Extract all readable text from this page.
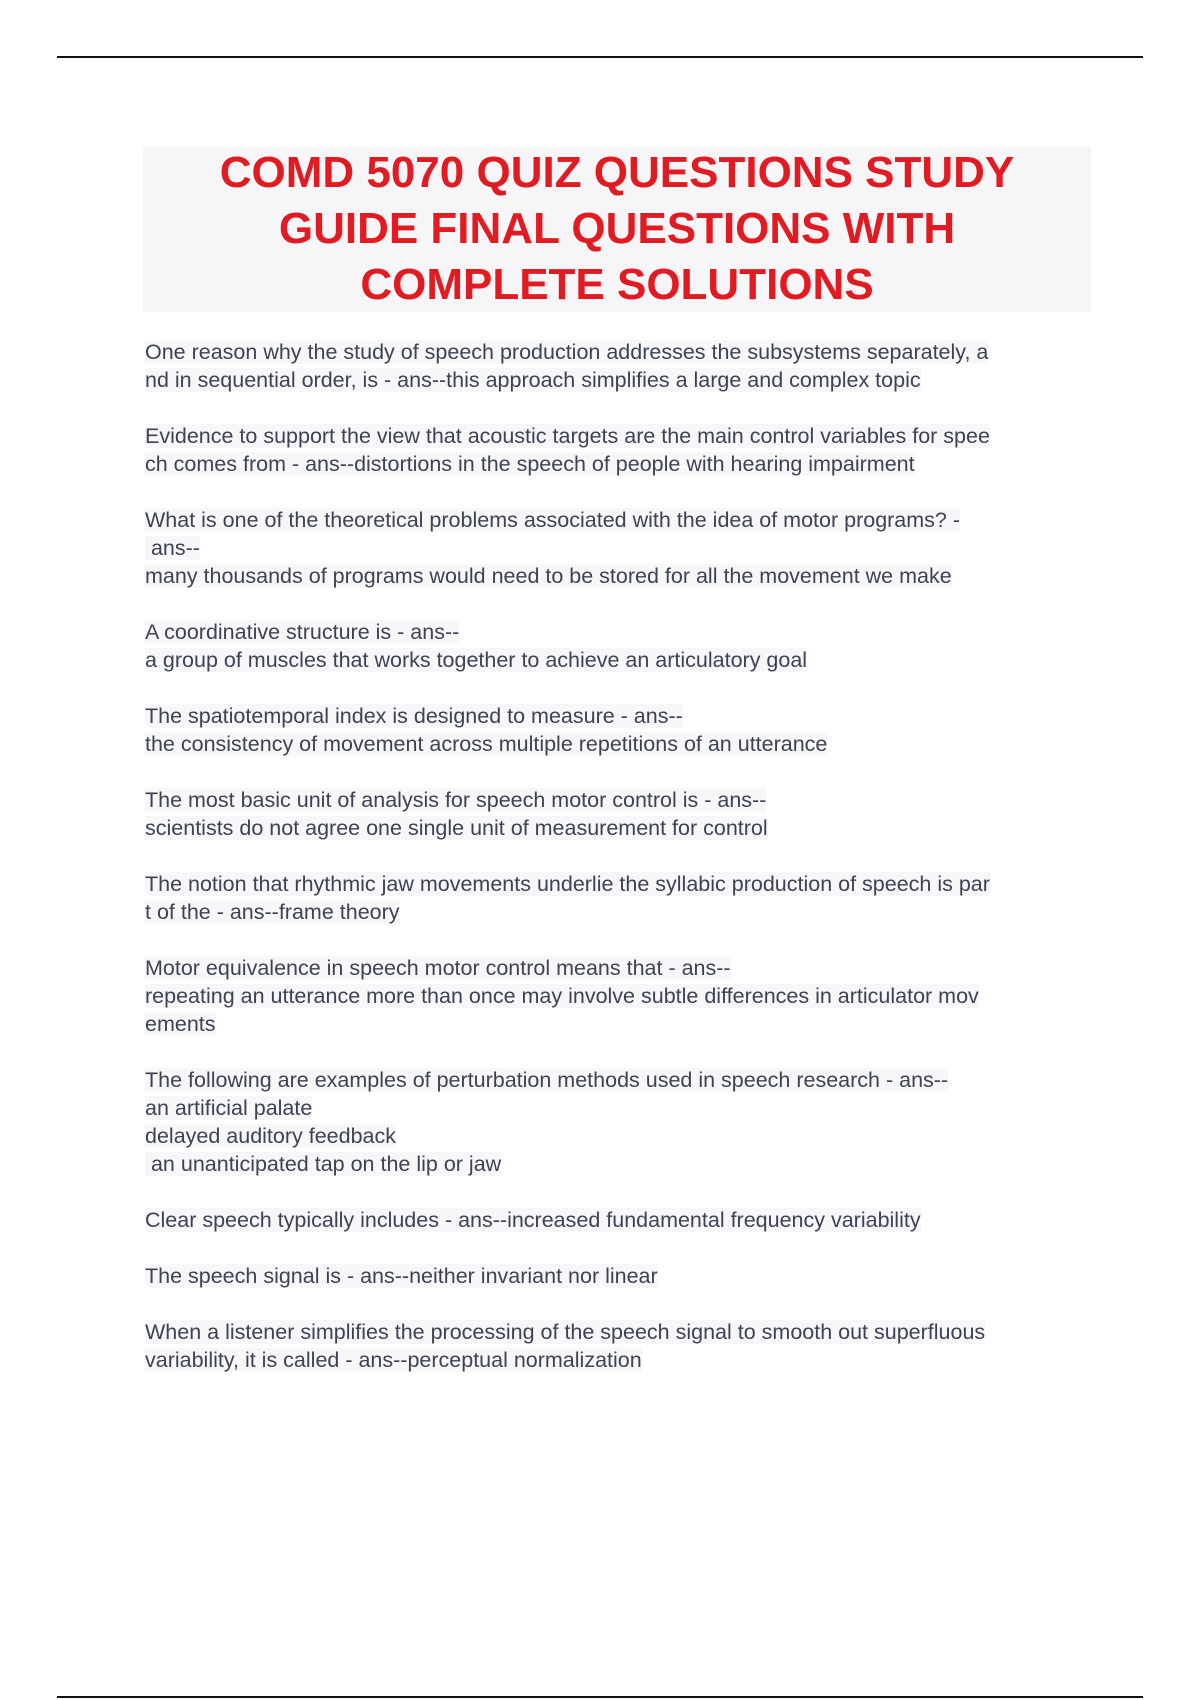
COMD 5070 QUIZ QUESTIONS STUDY
GUIDE FINAL QUESTIONS WITH
COMPLETE SOLUTIONS
One reason why the study of speech production addresses the subsystems separately, a
nd in sequential order, is - ans--this approach simplifies a large and complex topic
Evidence to support the view that acoustic targets are the main control variables for spee
ch comes from - ans--distortions in the speech of people with hearing impairment
What is one of the theoretical problems associated with the idea of motor programs? -
ans--
many thousands of programs would need to be stored for all the movement we make
A coordinative structure is - ans--
a group of muscles that works together to achieve an articulatory goal
The spatiotemporal index is designed to measure - ans--
the consistency of movement across multiple repetitions of an utterance
The most basic unit of analysis for speech motor control is - ans--
scientists do not agree one single unit of measurement for control
The notion that rhythmic jaw movements underlie the syllabic production of speech is par
t of the - ans--frame theory
Motor equivalence in speech motor control means that - ans--
repeating an utterance more than once may involve subtle differences in articulator mov
ements
The following are examples of perturbation methods used in speech research - ans--
an artificial palate
delayed auditory feedback
an unanticipated tap on the lip or jaw
Clear speech typically includes - ans--increased fundamental frequency variability
The speech signal is - ans--neither invariant nor linear
When a listener simplifies the processing of the speech signal to smooth out superfluous
variability, it is called - ans--perceptual normalization
